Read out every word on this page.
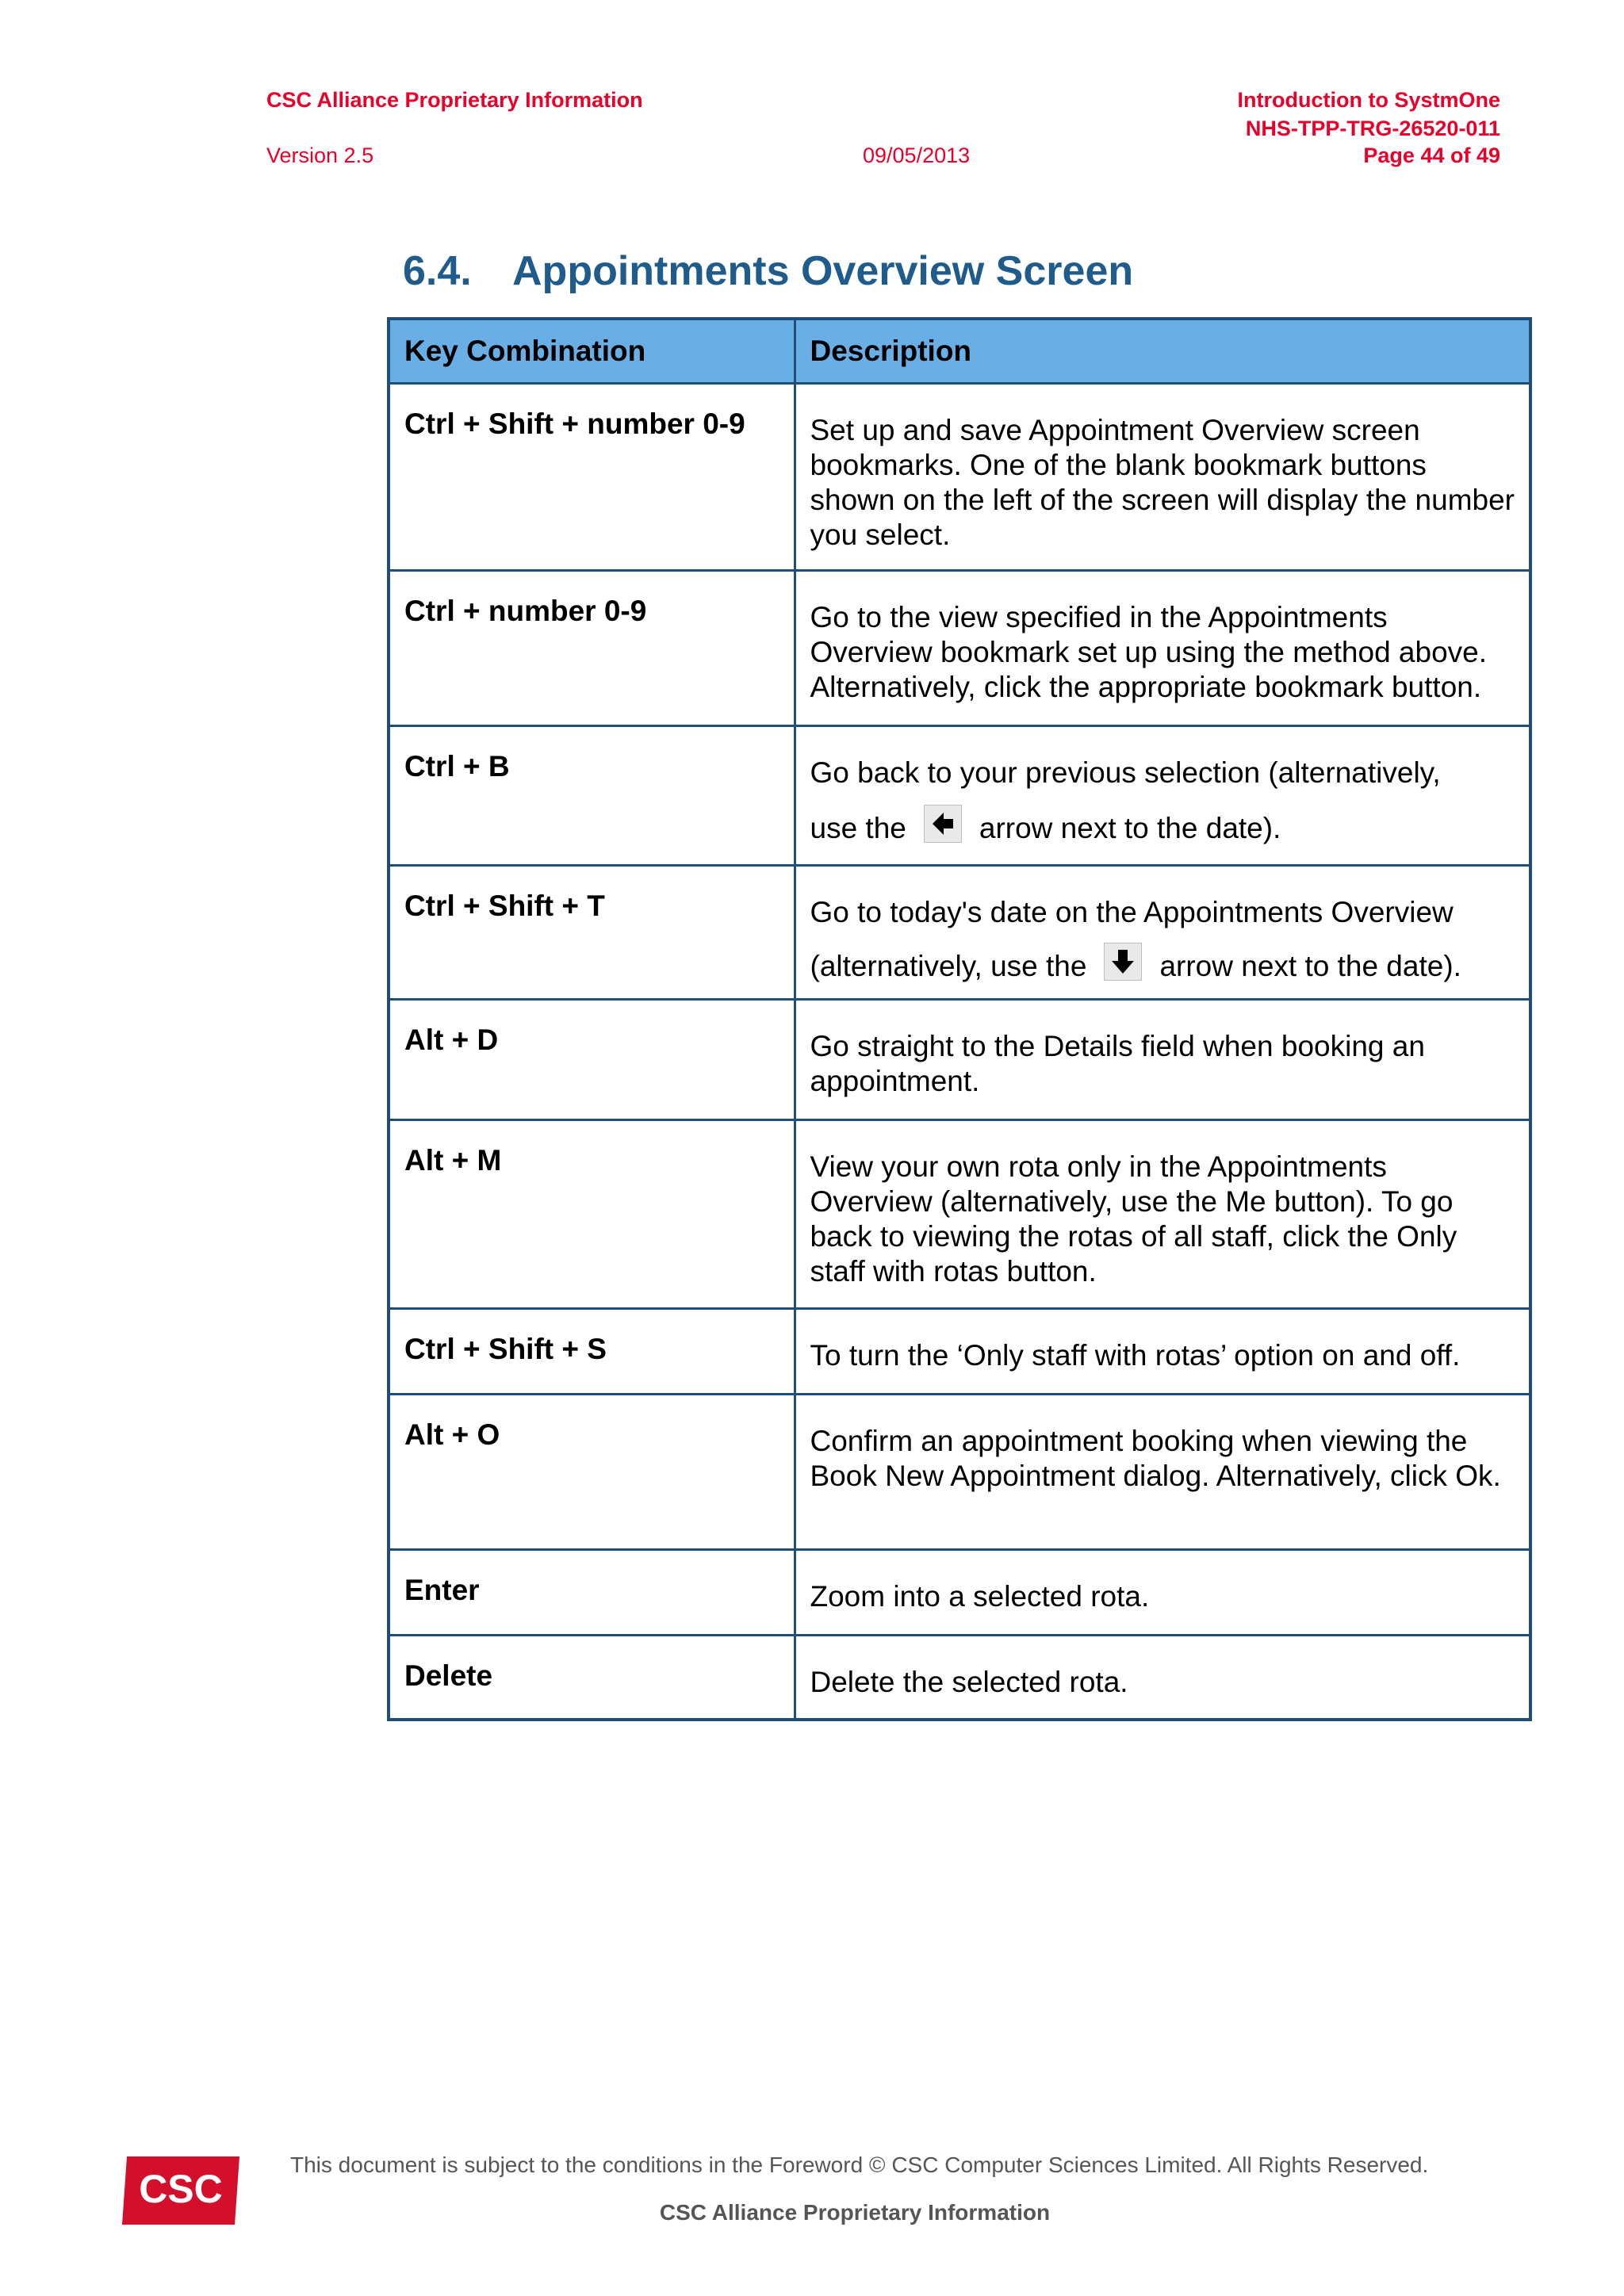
CSC Alliance Proprietary Information
Version 2.5	09/05/2013
Introduction to SystmOne
NHS-TPP-TRG-26520-011
Page 44 of 49
6.4. Appointments Overview Screen
Key Combination	Description
Ctrl + Shift + number 0-9	Set up and save Appointment Overview screen bookmarks. One of the blank bookmark buttons shown on the left of the screen will display the number you select.
Ctrl + number 0-9	Go to the view specified in the Appointments Overview bookmark set up using the method above. Alternatively, click the appropriate bookmark button.
Ctrl + B	Go back to your previous selection (alternatively,
use the arrow next to the date).

Ctrl + Shift + T	Go to today's date on the Appointments Overview
(alternatively, use the arrow next to the date).

Alt + D	Go straight to the Details field when booking an appointment.
Alt + M	View your own rota only in the Appointments Overview (alternatively, use the Me button). To go back to viewing the rotas of all staff, click the Only staff with rotas button.
Ctrl + Shift + S	To turn the ‘Only staff with rotas’ option on and off.
Alt + O	Confirm an appointment booking when viewing the Book New Appointment dialog. Alternatively, click Ok.
Enter	Zoom into a selected rota.
Delete	Delete the selected rota.
CSC
This document is subject to the conditions in the Foreword © CSC Computer Sciences Limited. All Rights Reserved.
CSC Alliance Proprietary Information
